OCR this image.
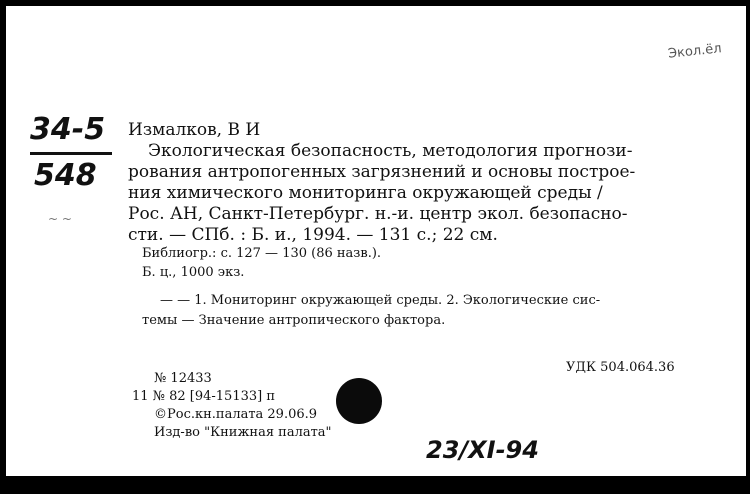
34-5
548
Экол.ёл
~ ~
Измалков, В И
Экологическая безопасность, методология прогнози-
рования антропогенных загрязнений и основы построе-
ния химического мониторинга окружающей среды /
Рос. АН, Санкт-Петербург. н.-и. центр экол. безопасно-
сти. — СПб. : Б. и., 1994. — 131 с.; 22 см.
Библиогр.: с. 127 — 130 (86 назв.).
Б. ц., 1000 экз.
— — 1. Мониторинг окружающей среды. 2. Экологические сис-
темы — Значение антропического фактора.
УДК 504.064.36
№ 12433
11 № 82 [94-15133] п
©Рос.кн.палата 29.06.9
Изд-во "Книжная палата"
23/XI-94
